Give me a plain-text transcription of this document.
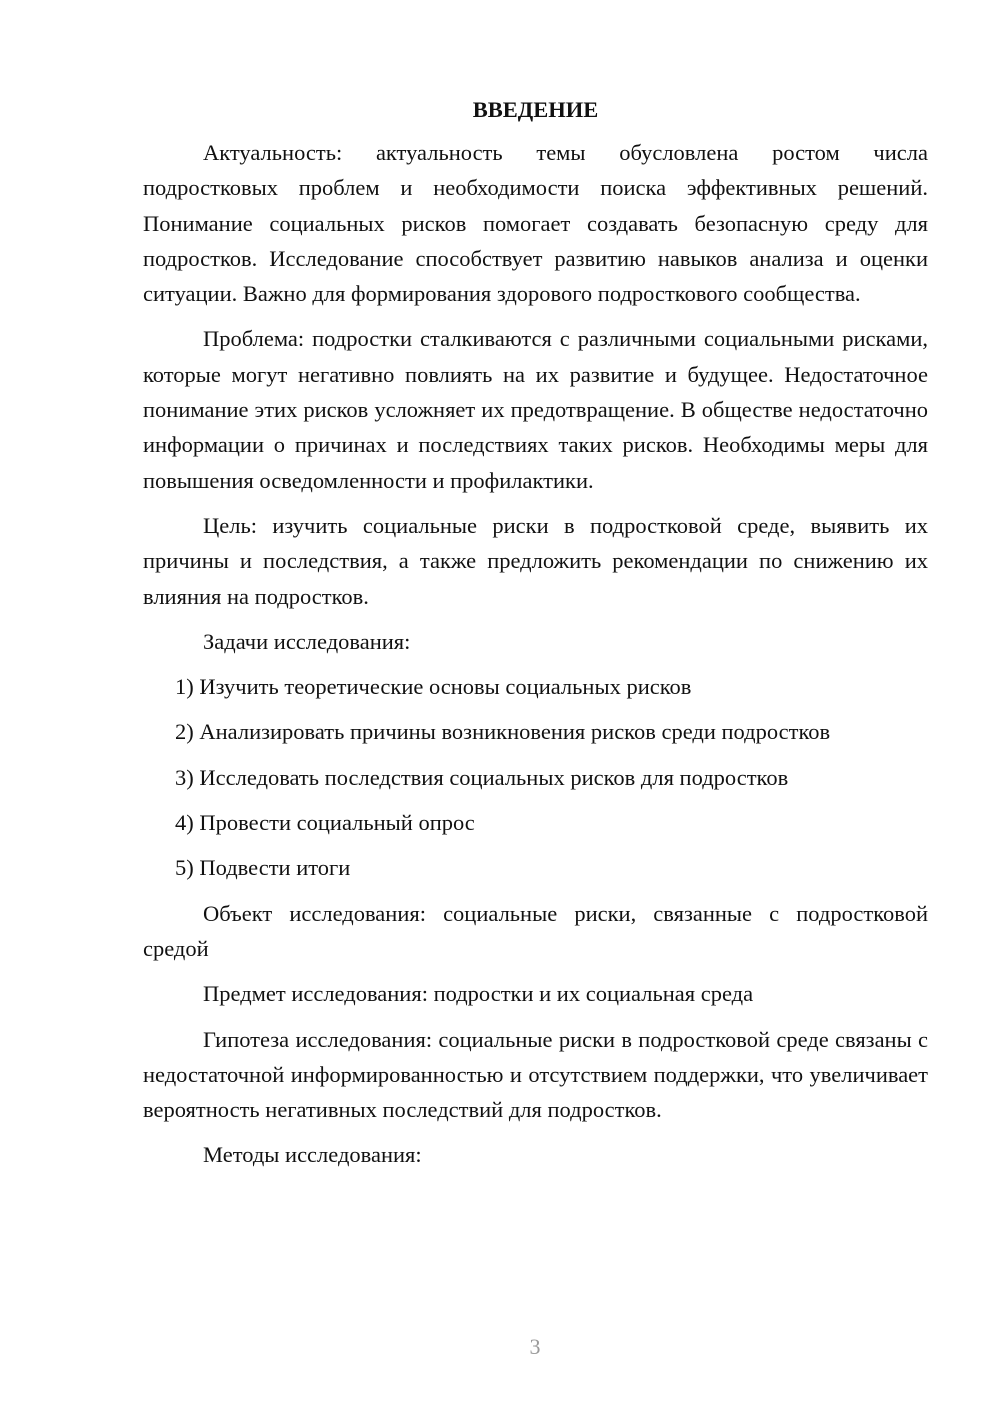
ВВЕДЕНИЕ

Актуальность: актуальность темы обусловлена ростом числа подростковых проблем и необходимости поиска эффективных решений. Понимание социальных рисков помогает создавать безопасную среду для подростков. Исследование способствует развитию навыков анализа и оценки ситуации. Важно для формирования здорового подросткового сообщества.

Проблема: подростки сталкиваются с различными социальными рисками, которые могут негативно повлиять на их развитие и будущее. Недостаточное понимание этих рисков усложняет их предотвращение. В обществе недостаточно информации о причинах и последствиях таких рисков. Необходимы меры для повышения осведомленности и профилактики.

Цель: изучить социальные риски в подростковой среде, выявить их причины и последствия, а также предложить рекомендации по снижению их влияния на подростков.

Задачи исследования:

1) Изучить теоретические основы социальных рисков

2) Анализировать причины возникновения рисков среди подростков

3) Исследовать последствия социальных рисков для подростков

4) Провести социальный опрос

5) Подвести итоги

Объект исследования: социальные риски, связанные с подростковой средой

Предмет исследования: подростки и их социальная среда

Гипотеза исследования: социальные риски в подростковой среде связаны с недостаточной информированностью и отсутствием поддержки, что увеличивает вероятность негативных последствий для подростков.

Методы исследования:

3
